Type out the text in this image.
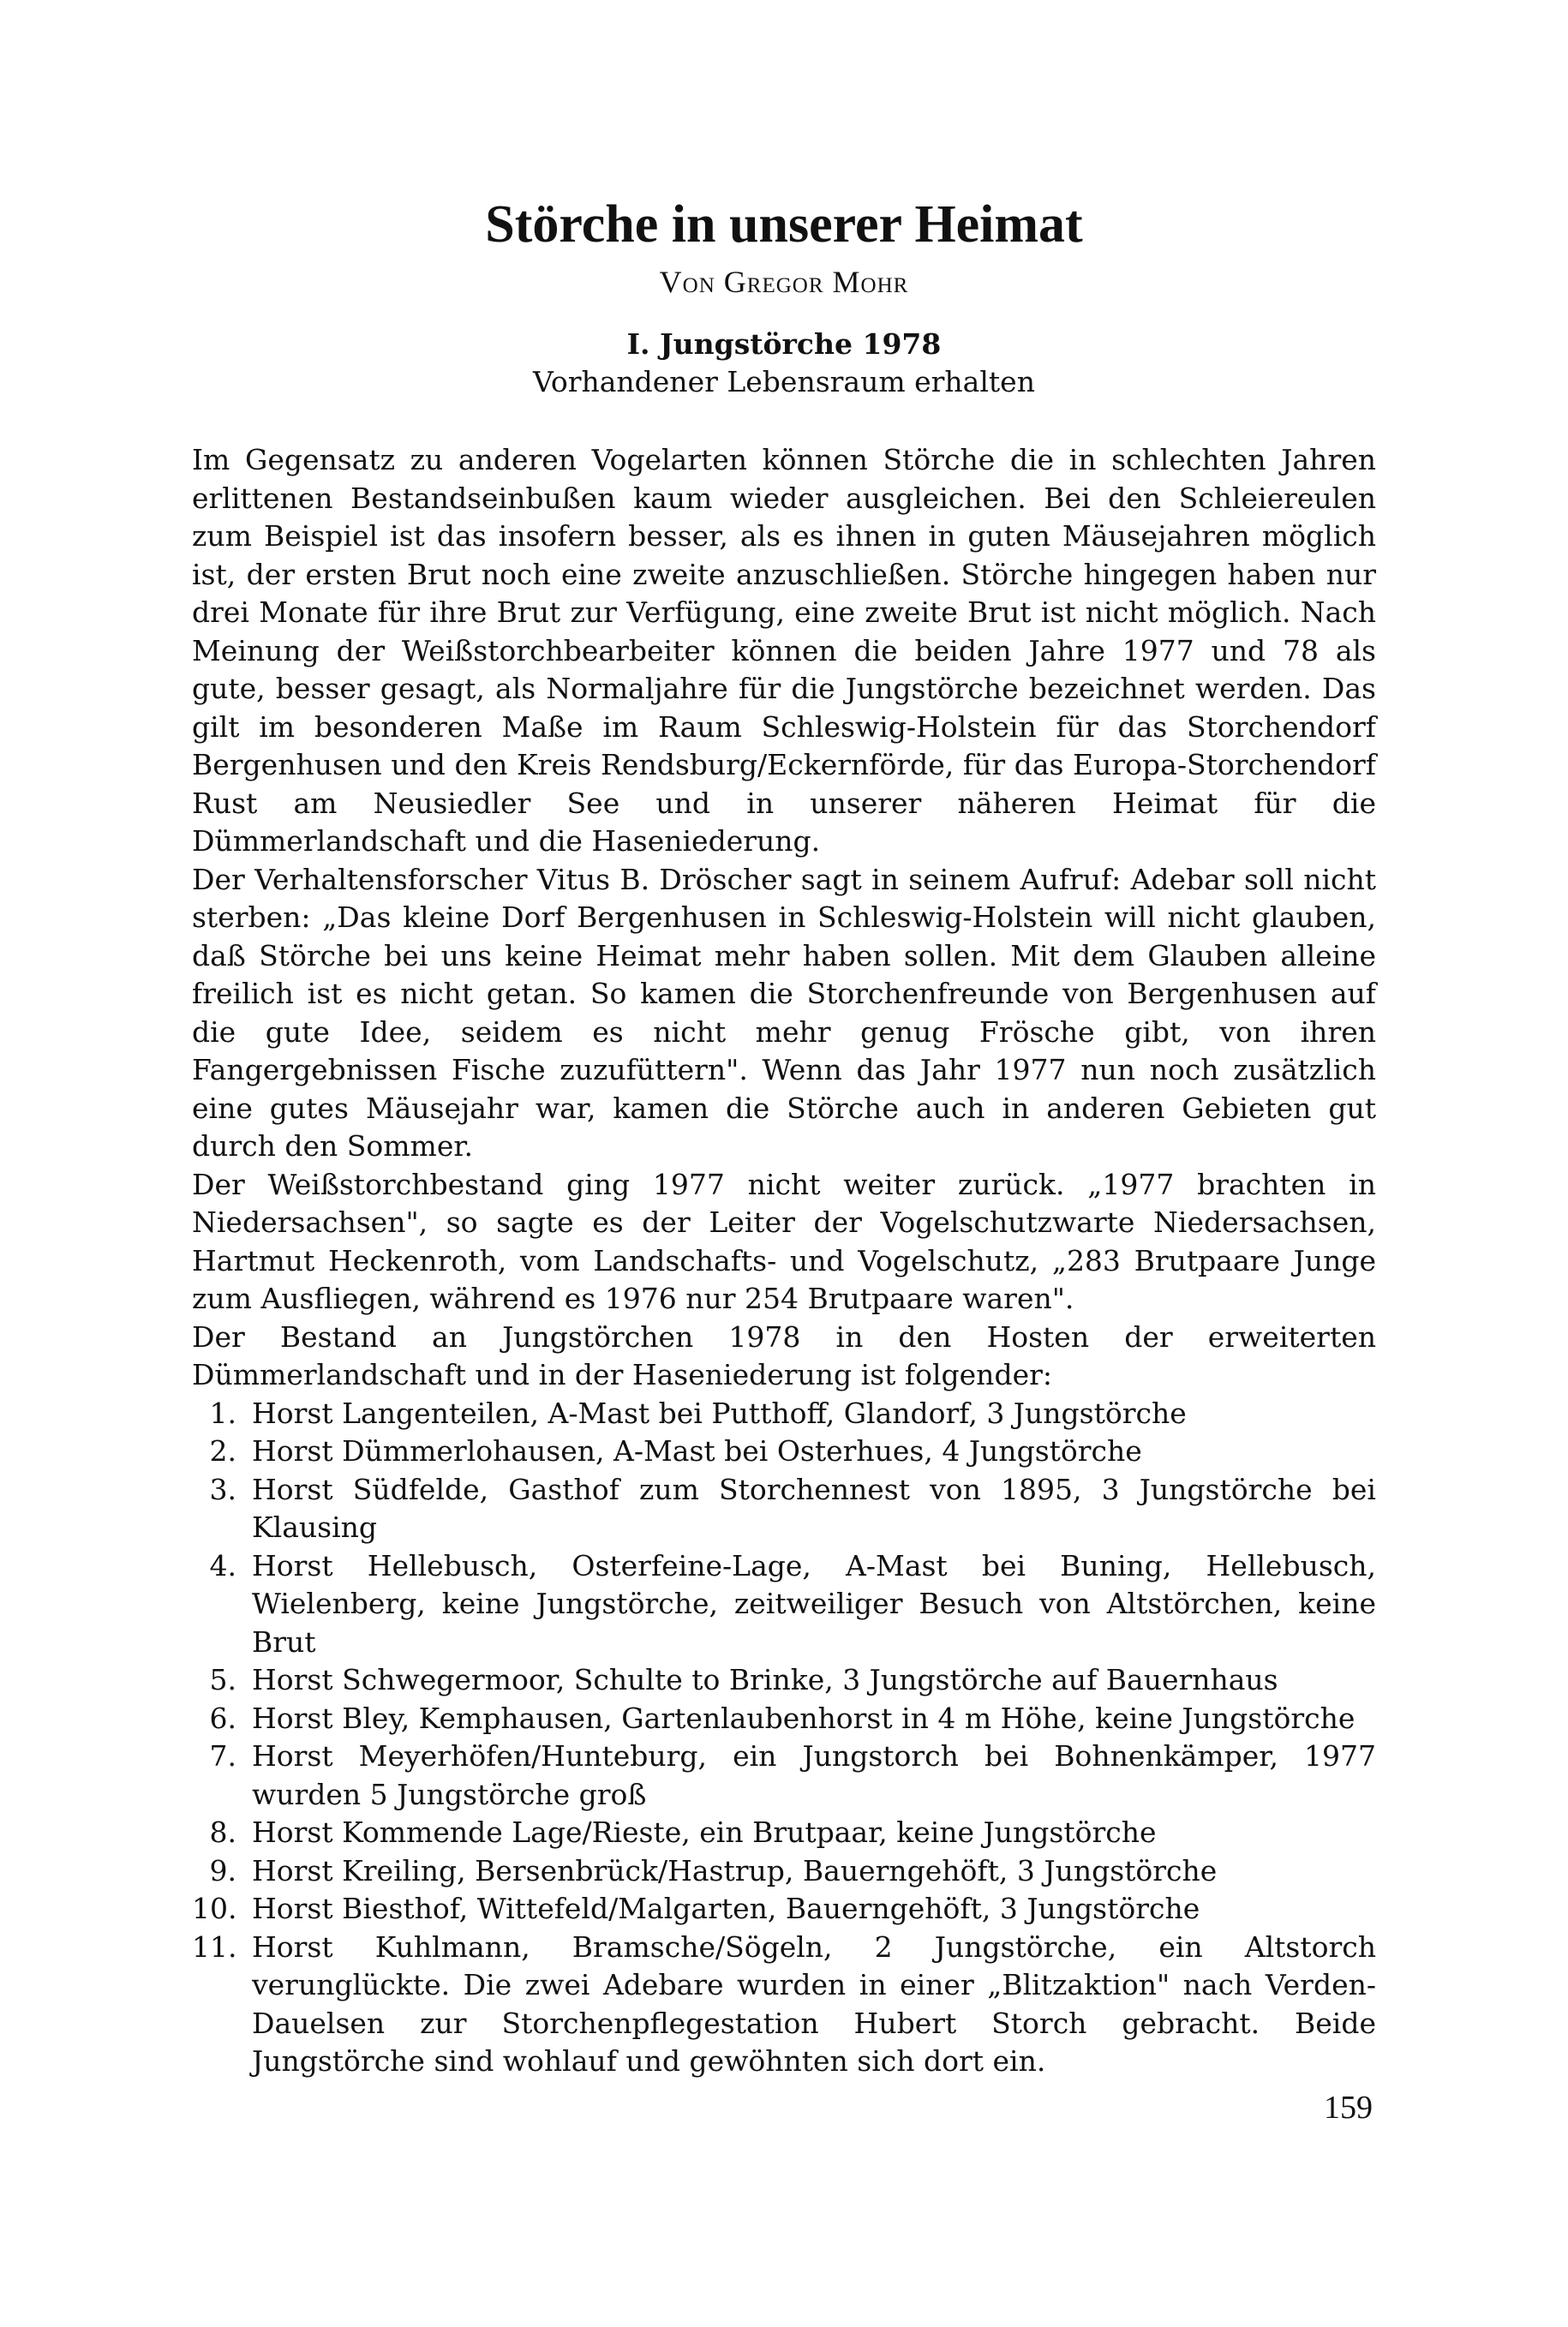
Störche in unserer Heimat
Von Gregor Mohr
I. Jungstörche 1978
Vorhandener Lebensraum erhalten

Im Gegensatz zu anderen Vogelarten können Störche die in schlechten Jahren erlittenen Bestandseinbußen kaum wieder ausgleichen. Bei den Schleiereulen zum Beispiel ist das insofern besser, als es ihnen in guten Mäusejahren möglich ist, der ersten Brut noch eine zweite anzuschließen. Störche hingegen haben nur drei Monate für ihre Brut zur Verfügung, eine zweite Brut ist nicht möglich. Nach Meinung der Weißstorchbearbeiter können die beiden Jahre 1977 und 78 als gute, besser gesagt, als Normaljahre für die Jungstörche bezeichnet werden. Das gilt im besonderen Maße im Raum Schleswig-Holstein für das Storchendorf Bergenhusen und den Kreis Rendsburg/Eckernförde, für das Europa-Storchendorf Rust am Neusiedler See und in unserer näheren Heimat für die Dümmerlandschaft und die Haseniederung.

Der Verhaltensforscher Vitus B. Dröscher sagt in seinem Aufruf: Adebar soll nicht sterben: „Das kleine Dorf Bergenhusen in Schleswig-Holstein will nicht glauben, daß Störche bei uns keine Heimat mehr haben sollen. Mit dem Glauben alleine freilich ist es nicht getan. So kamen die Storchenfreunde von Bergenhusen auf die gute Idee, seidem es nicht mehr genug Frösche gibt, von ihren Fangergebnissen Fische zuzufüttern". Wenn das Jahr 1977 nun noch zusätzlich eine gutes Mäusejahr war, kamen die Störche auch in anderen Gebieten gut durch den Sommer.

Der Weißstorchbestand ging 1977 nicht weiter zurück. „1977 brachten in Niedersachsen", so sagte es der Leiter der Vogelschutzwarte Niedersachsen, Hartmut Heckenroth, vom Landschafts- und Vogelschutz, „283 Brutpaare Junge zum Ausfliegen, während es 1976 nur 254 Brutpaare waren".

Der Bestand an Jungstörchen 1978 in den Hosten der erweiterten Dümmerlandschaft und in der Haseniederung ist folgender:

1. Horst Langenteilen, A-Mast bei Putthoff, Glandorf, 3 Jungstörche
2. Horst Dümmerlohausen, A-Mast bei Osterhues, 4 Jungstörche
3. Horst Südfelde, Gasthof zum Storchennest von 1895, 3 Jungstörche bei Klausing
4. Horst Hellebusch, Osterfeine-Lage, A-Mast bei Buning, Hellebusch, Wielenberg, keine Jungstörche, zeitweiliger Besuch von Altstörchen, keine Brut
5. Horst Schwegermoor, Schulte to Brinke, 3 Jungstörche auf Bauernhaus
6. Horst Bley, Kemphausen, Gartenlaubenhorst in 4 m Höhe, keine Jungstörche
7. Horst Meyerhöfen/Hunteburg, ein Jungstorch bei Bohnenkämper, 1977 wurden 5 Jungstörche groß
8. Horst Kommende Lage/Rieste, ein Brutpaar, keine Jungstörche
9. Horst Kreiling, Bersenbrück/Hastrup, Bauerngehöft, 3 Jungstörche
10. Horst Biesthof, Wittefeld/Malgarten, Bauerngehöft, 3 Jungstörche
11. Horst Kuhlmann, Bramsche/Sögeln, 2 Jungstörche, ein Altstorch verunglückte. Die zwei Adebare wurden in einer „Blitzaktion" nach Verden-Dauelsen zur Storchenpflegestation Hubert Storch gebracht. Beide Jungstörche sind wohlauf und gewöhnten sich dort ein.
159
